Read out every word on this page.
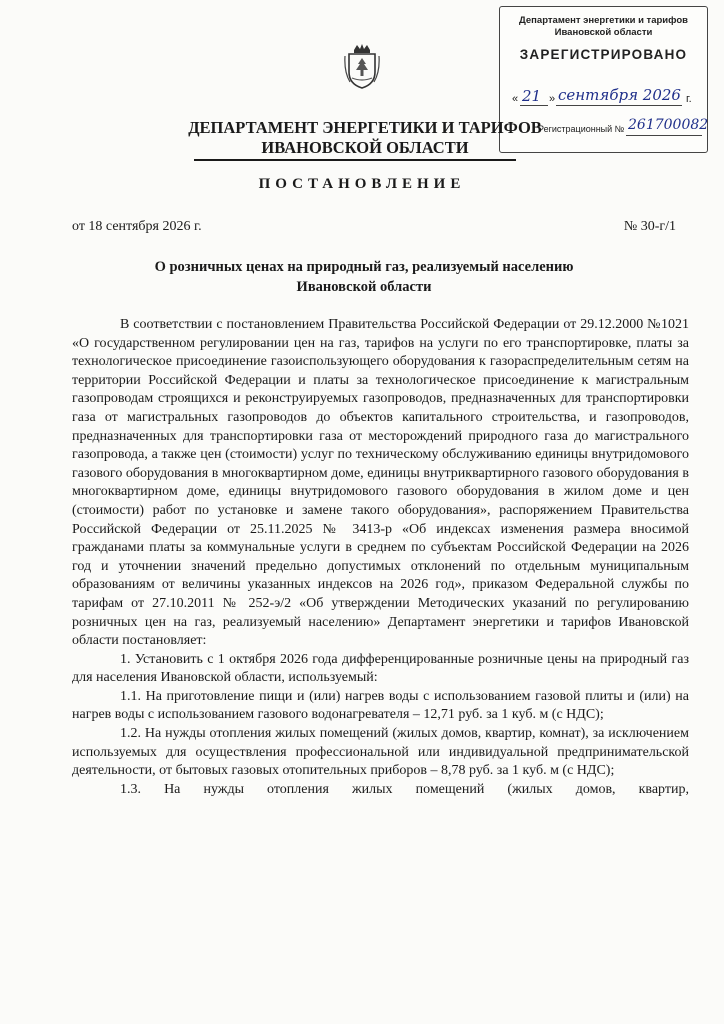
Департамент энергетики и тарифов
Ивановской области
ЗАРЕГИСТРИРОВАНО
« 21 » сентября 2026 г.
Регистрационный № 261700082
ДЕПАРТАМЕНТ ЭНЕРГЕТИКИ И ТАРИФОВ
ИВАНОВСКОЙ ОБЛАСТИ
ПОСТАНОВЛЕНИЕ
от 18 сентября 2026 г.	№ 30-г/1
О розничных ценах на природный газ, реализуемый населению
Ивановской области

В соответствии с постановлением Правительства Российской Федерации от 29.12.2000 №1021 «О государственном регулировании цен на газ, тарифов на услуги по его транспортировке, платы за технологическое присоединение газоиспользующего оборудования к газораспределительным сетям на территории Российской Федерации и платы за технологическое присоединение к магистральным газопроводам строящихся и реконструируемых газопроводов, предназначенных для транспортировки газа от магистральных газопроводов до объектов капитального строительства, и газопроводов, предназначенных для транспортировки газа от месторождений природного газа до магистрального газопровода, а также цен (стоимости) услуг по техническому обслуживанию единицы внутридомового газового оборудования в многоквартирном доме, единицы внутриквартирного газового оборудования в многоквартирном доме, единицы внутридомового газового оборудования в жилом доме и цен (стоимости) работ по установке и замене такого оборудования», распоряжением Правительства Российской Федерации от 25.11.2025 № 3413-р «Об индексах изменения размера вносимой гражданами платы за коммунальные услуги в среднем по субъектам Российской Федерации на 2026 год и уточнении значений предельно допустимых отклонений по отдельным муниципальным образованиям от величины указанных индексов на 2026 год», приказом Федеральной службы по тарифам от 27.10.2011 № 252-э/2 «Об утверждении Методических указаний по регулированию розничных цен на газ, реализуемый населению» Департамент энергетики и тарифов Ивановской области постановляет:

1. Установить с 1 октября 2026 года дифференцированные розничные цены на природный газ для населения Ивановской области, используемый:

1.1. На приготовление пищи и (или) нагрев воды с использованием газовой плиты и (или) на нагрев воды с использованием газового водонагревателя – 12,71 руб. за 1 куб. м (с НДС);

1.2. На нужды отопления жилых помещений (жилых домов, квартир, комнат), за исключением используемых для осуществления профессиональной или индивидуальной предпринимательской деятельности, от бытовых газовых отопительных приборов – 8,78 руб. за 1 куб. м (с НДС);

1.3. На нужды отопления жилых помещений (жилых домов, квартир,
